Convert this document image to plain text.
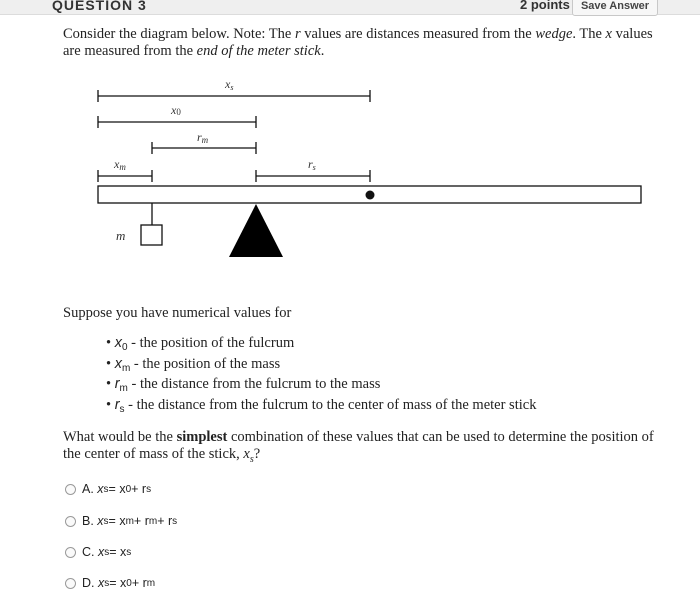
QUESTION 3	2 points	Save Answer
Consider the diagram below. Note: The r values are distances measured from the wedge. The x values are measured from the end of the meter stick.
xs
x0
rm
xm	rs
m
Suppose you have numerical values for
• $x_0$ - the position of the fulcrum
• $x_m$ - the position of the mass
• $r_m$ - the distance from the fulcrum to the mass
• $r_s$ - the distance from the fulcrum to the center of mass of the meter stick
What would be the simplest combination of these values that can be used to determine the position of the center of mass of the stick, $x_s$?
A.
x s = x 0 + r s
B.
x s = x m + r m + r s
C.
x s = x s
D.
x s = x 0 + r m
